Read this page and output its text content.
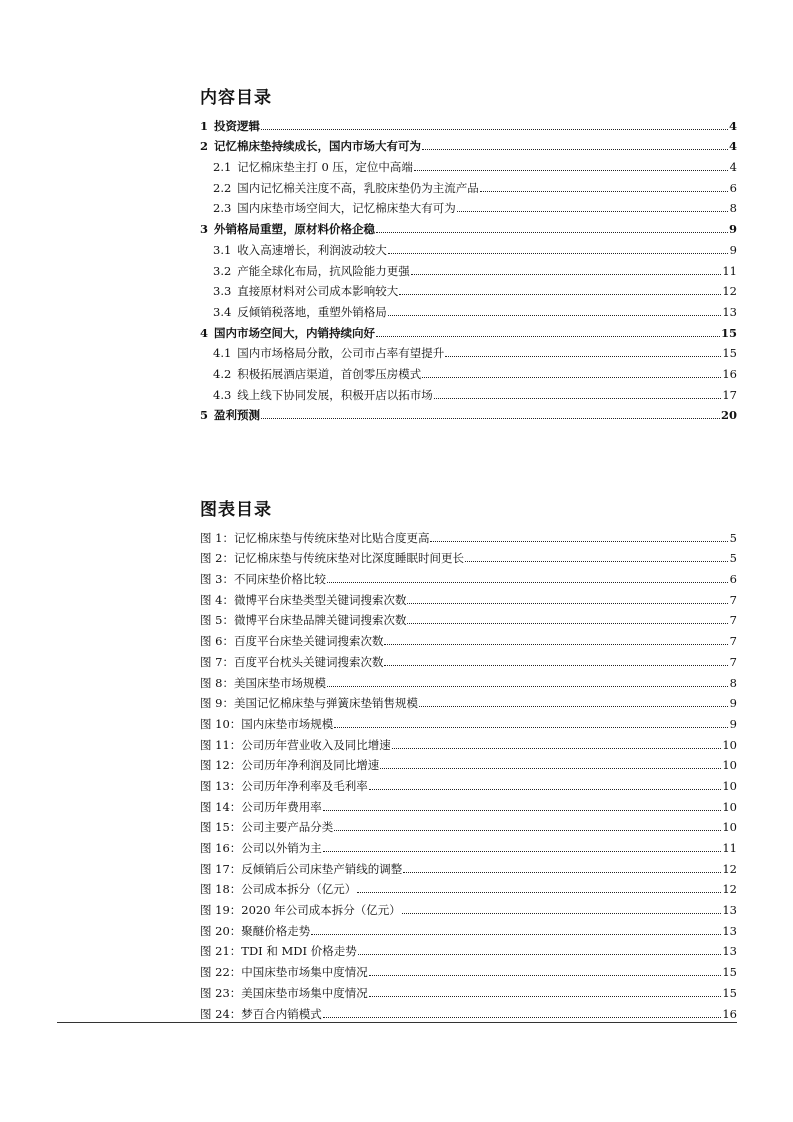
内容目录
1 投资逻辑	4
2 记忆棉床垫持续成长，国内市场大有可为	4
2.1 记忆棉床垫主打 0 压，定位中高端	4
2.2 国内记忆棉关注度不高，乳胶床垫仍为主流产品	6
2.3 国内床垫市场空间大，记忆棉床垫大有可为	8
3 外销格局重塑，原材料价格企稳	9
3.1 收入高速增长，利润波动较大	9
3.2 产能全球化布局，抗风险能力更强	11
3.3 直接原材料对公司成本影响较大	12
3.4 反倾销税落地，重塑外销格局	13
4 国内市场空间大，内销持续向好	15
4.1 国内市场格局分散，公司市占率有望提升	15
4.2 积极拓展酒店渠道，首创零压房模式	16
4.3 线上线下协同发展，积极开店以拓市场	17
5 盈利预测	20
图表目录
图 1：记忆棉床垫与传统床垫对比贴合度更高	5
图 2：记忆棉床垫与传统床垫对比深度睡眠时间更长	5
图 3：不同床垫价格比较	6
图 4：微博平台床垫类型关键词搜索次数	7
图 5：微博平台床垫品牌关键词搜索次数	7
图 6：百度平台床垫关键词搜索次数	7
图 7：百度平台枕头关键词搜索次数	7
图 8：美国床垫市场规模	8
图 9：美国记忆棉床垫与弹簧床垫销售规模	9
图 10：国内床垫市场规模	9
图 11：公司历年营业收入及同比增速	10
图 12：公司历年净利润及同比增速	10
图 13：公司历年净利率及毛利率	10
图 14：公司历年费用率	10
图 15：公司主要产品分类	10
图 16：公司以外销为主	11
图 17：反倾销后公司床垫产销线的调整	12
图 18：公司成本拆分（亿元）	12
图 19：2020 年公司成本拆分（亿元）	13
图 20：聚醚价格走势	13
图 21：TDI 和 MDI 价格走势	13
图 22：中国床垫市场集中度情况	15
图 23：美国床垫市场集中度情况	15
图 24：梦百合内销模式	16
